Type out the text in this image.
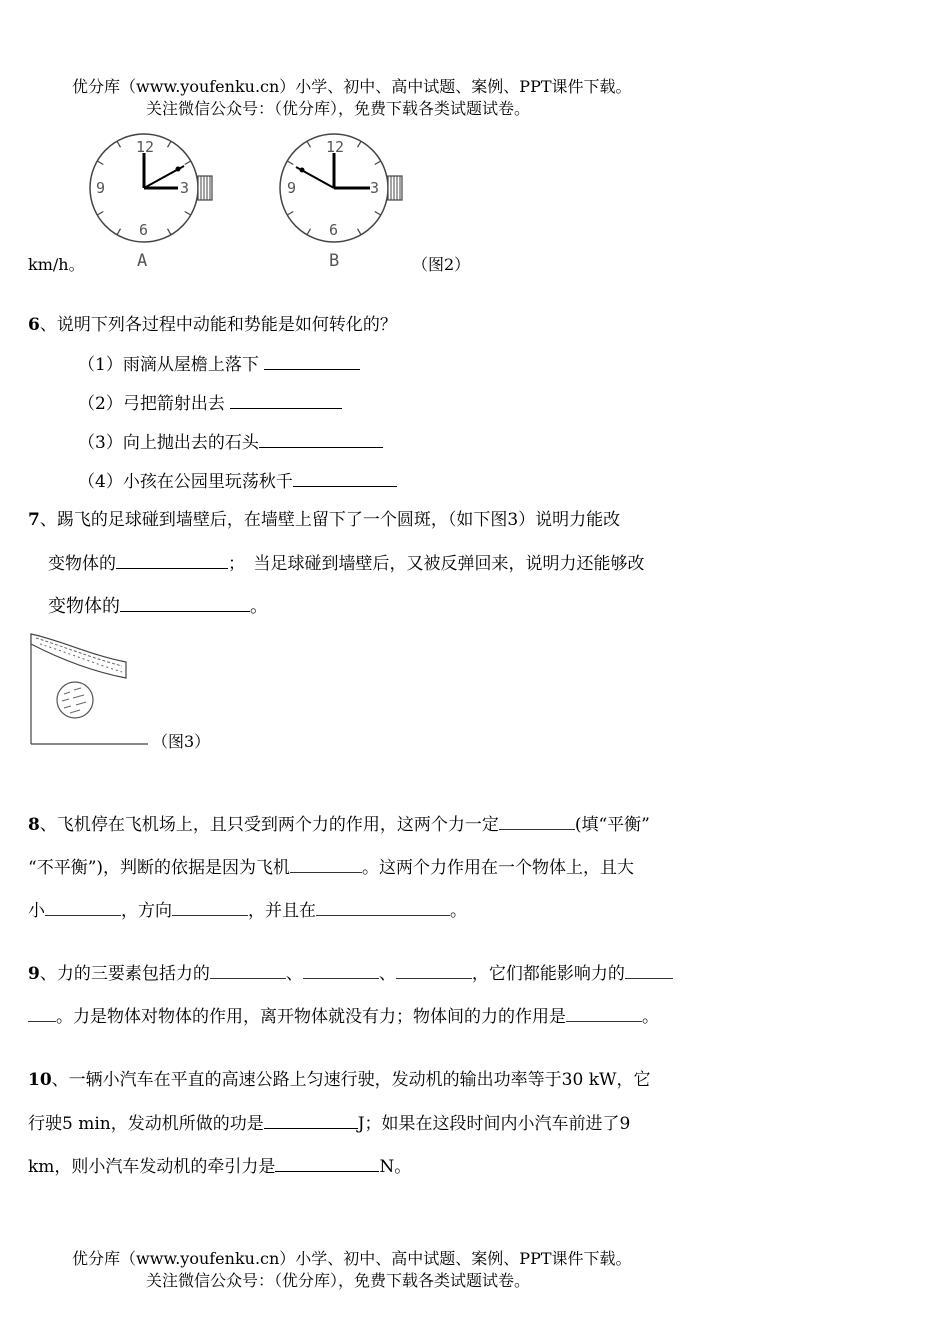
优分库（www.youfenku.cn）小学、初中、高中试题、案例、PPT课件下载。
关注微信公众号：（优分库），免费下载各类试题试卷。
12
3
6
9
A
12
3
6
9
B
km/h。	（图2）
6、说明下列各过程中动能和势能是如何转化的？
（1）雨滴从屋檐上落下
（2）弓把箭射出去
（3）向上抛出去的石头
（4）小孩在公园里玩荡秋千
7、踢飞的足球碰到墙壁后，在墙壁上留下了一个圆斑，（如下图3）说明力能改
变物体的	；　当足球碰到墙壁后，又被反弹回来，说明力还能够改
变物体的	。
（图3）
8、飞机停在飞机场上，且只受到两个力的作用，这两个力一定	(填“平衡”
“不平衡”)，判断的依据是因为飞机	。这两个力作用在一个物体上，且大
小	，方向	，并且在	。
9、力的三要素包括力的	、	、	，它们都能影响力的
。力是物体对物体的作用，离开物体就没有力；物体间的力的作用是	。
10、一辆小汽车在平直的高速公路上匀速行驶，发动机的输出功率等于30 kW，它
行驶5 min，发动机所做的功是	J；如果在这段时间内小汽车前进了9
km，则小汽车发动机的牵引力是	N。
优分库（www.youfenku.cn）小学、初中、高中试题、案例、PPT课件下载。
关注微信公众号：（优分库），免费下载各类试题试卷。
